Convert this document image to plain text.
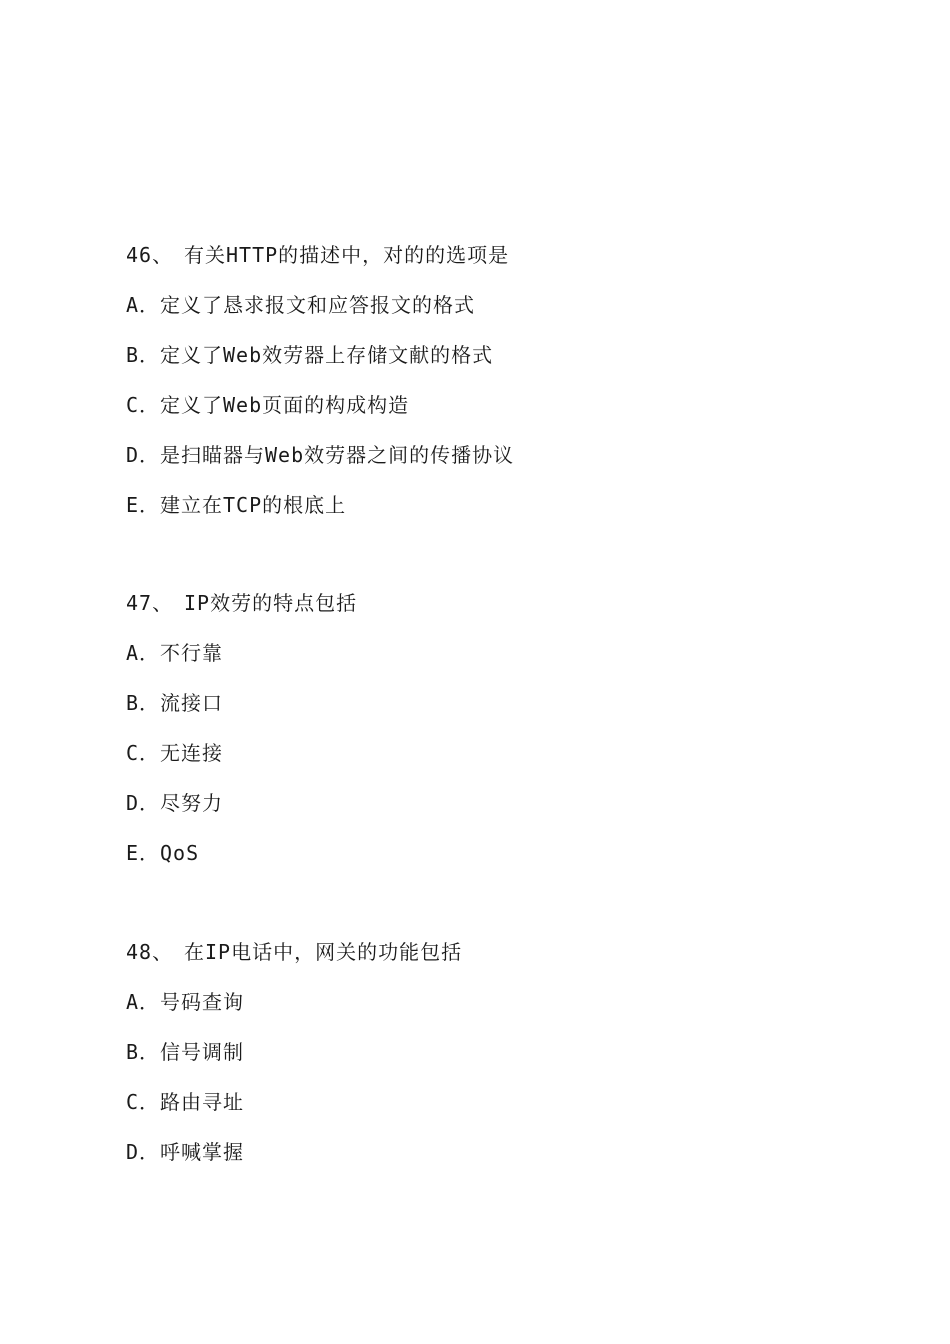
46、 有关HTTP的描述中，对的的选项是
A．定义了恳求报文和应答报文的格式
B．定义了Web效劳器上存储文献的格式
C．定义了Web页面的构成构造
D．是扫瞄器与Web效劳器之间的传播协议
E．建立在TCP的根底上
47、 IP效劳的特点包括
A．不行靠
B．流接口
C．无连接
D．尽努力
E．QoS
48、 在IP电话中，网关的功能包括
A．号码查询
B．信号调制
C．路由寻址
D．呼喊掌握
